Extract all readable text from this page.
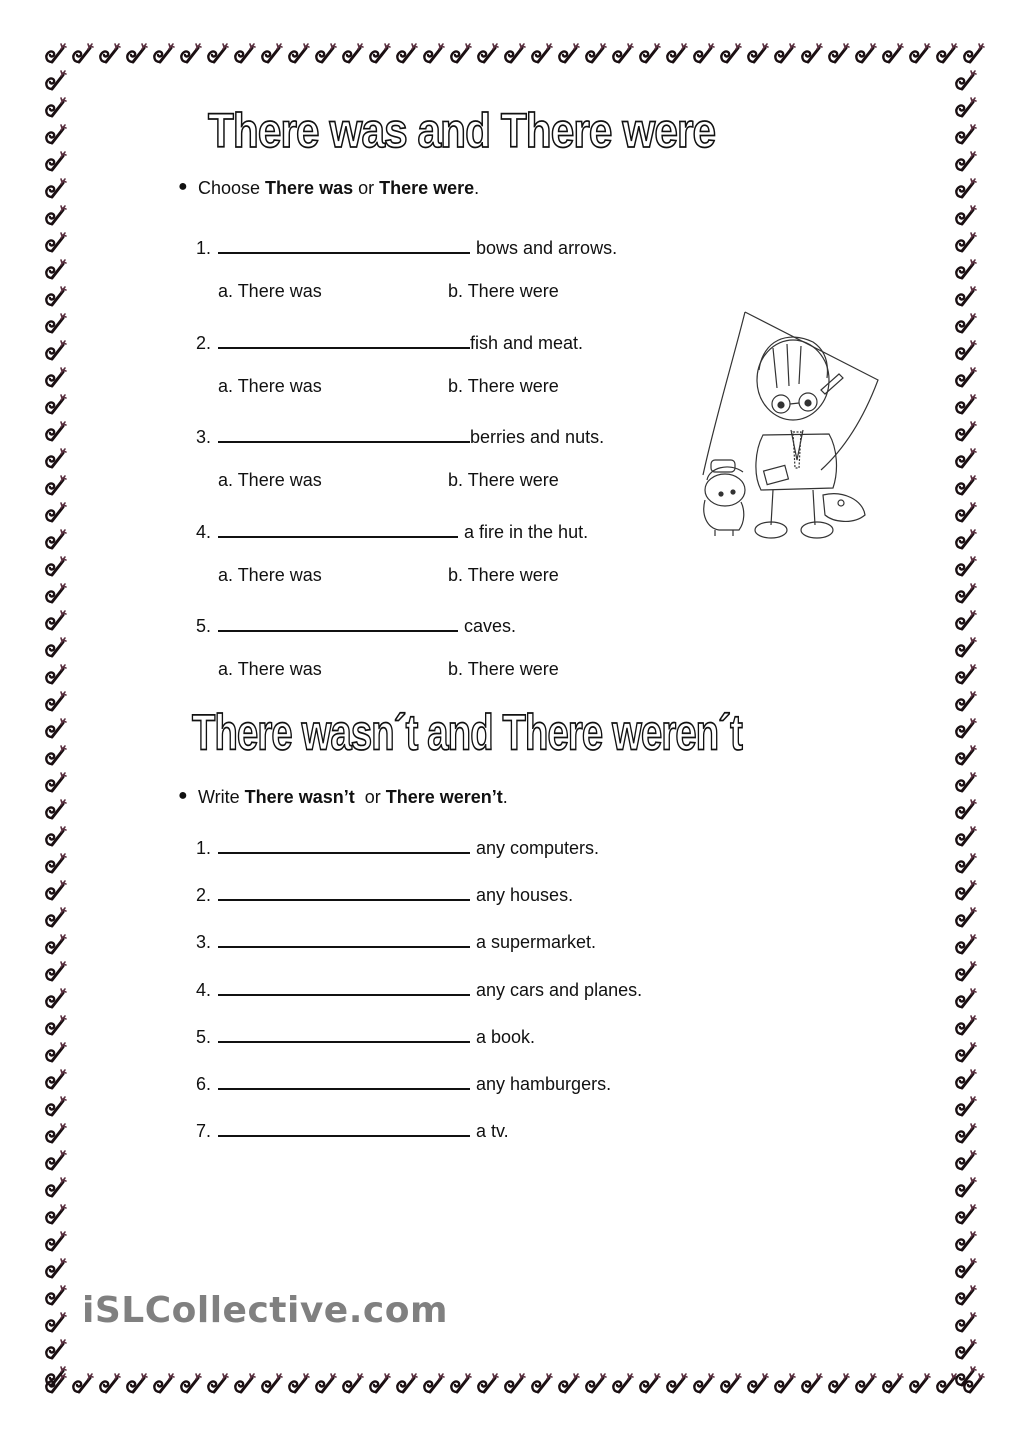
There was and There were
● Choose There was or There were.
1.	bows and arrows.
a. There was	b. There were
2.	fish and meat.
a. There was	b. There were
3.	berries and nuts.
a. There was	b. There were
4.	a fire in the hut.
a. There was	b. There were
5.	caves.
a. There was	b. There were
There wasn´t and There weren´t
● Write There wasn’t  or There weren’t.
1.	any computers.
2.	any houses.
3.	a supermarket.
4.	any cars and planes.
5.	a book.
6.	any hamburgers.
7.	a tv.
iSLCollective.com
